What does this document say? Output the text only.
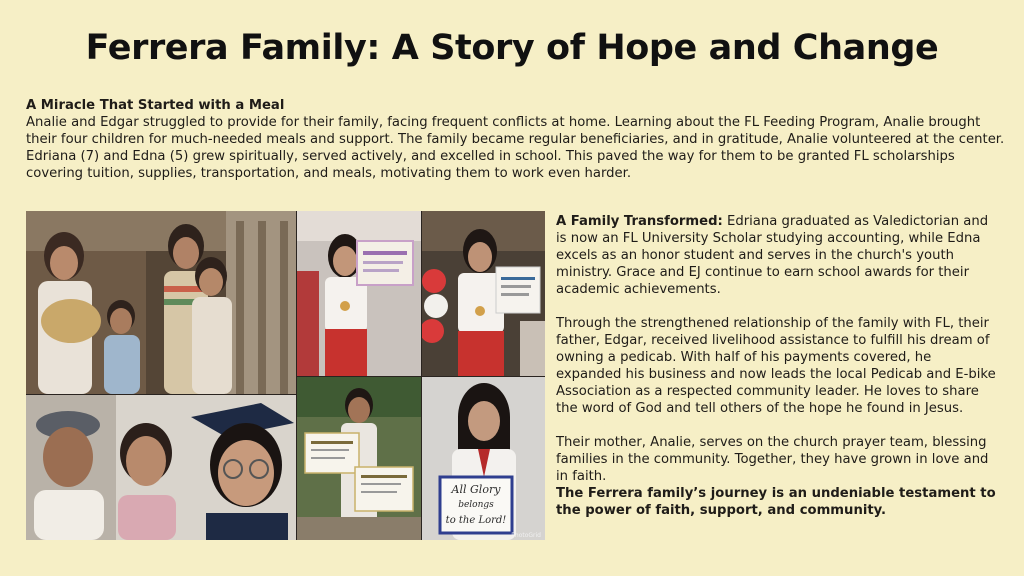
Ferrera Family: A Story of Hope and Change
A Miracle That Started with a Meal
Analie and Edgar struggled to provide for their family, facing frequent conflicts at home. Learning about the FL Feeding Program, Analie brought their four children for much-needed meals and support. The family became regular beneficiaries, and in gratitude, Analie volunteered at the center.
Edriana (7) and Edna (5) grew spiritually, served actively, and excelled in school. This paved the way for them to be granted FL scholarships covering tuition, supplies, transportation, and meals, motivating them to work even harder.
All Glory
belongs
to the Lord!
PhotoGrid

A Family Transformed: Edriana graduated as Valedictorian and is now an FL University Scholar studying accounting, while Edna excels as an honor student and serves in the church's youth ministry. Grace and EJ continue to earn school awards for their academic achievements.

Through the strengthened relationship of the family with FL, their father, Edgar, received livelihood assistance to fulfill his dream of owning a pedicab. With half of his payments covered, he expanded his business and now leads the local Pedicab and E-bike Association as a respected community leader. He loves to share the word of God and tell others of the hope he found in Jesus.

Their mother, Analie, serves on the church prayer team, blessing families in the community. Together, they have grown in love and in faith.

The Ferrera family’s journey is an undeniable testament to the power of faith, support, and community.
